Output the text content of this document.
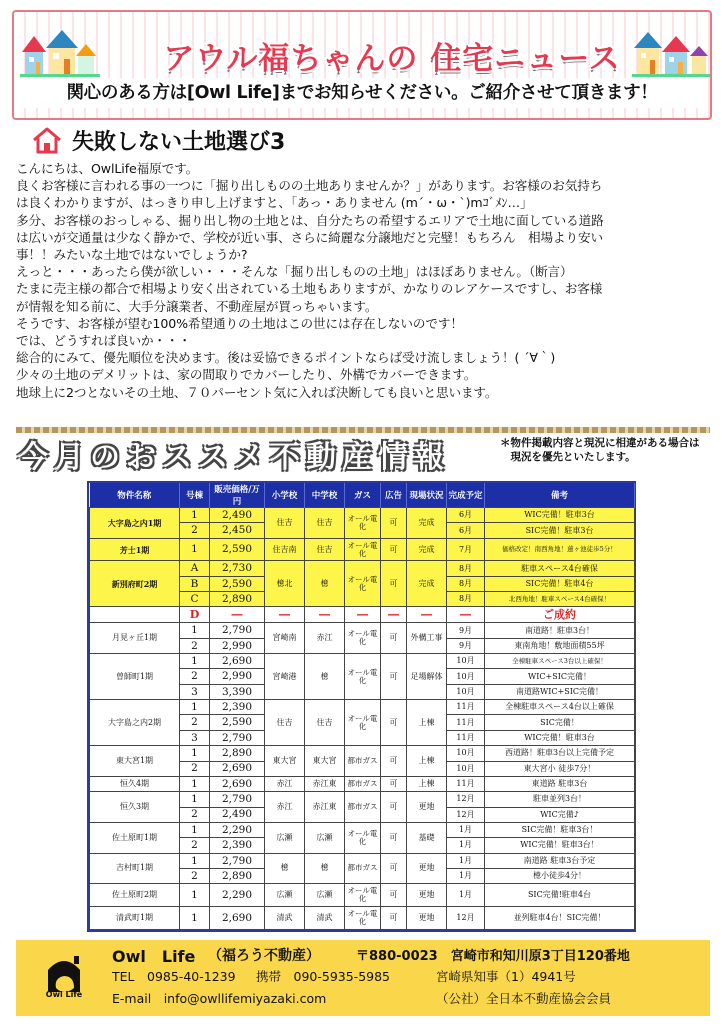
アウル福ちゃんの 住宅ニュース
関心のある方は[Owl Life]までお知らせください。ご紹介させて頂きます！
失敗しない土地選び3

こんにちは、OwlLife福原です。

良くお客様に言われる事の一つに「掘り出しものの土地ありませんか？」があります。お客様のお気持ち

は良くわかりますが、はっきり申し上げますと、「あっ・ありません (m´・ω・`)mｺﾞﾒﾝ…」

多分、お客様のおっしゃる、掘り出し物の土地とは、自分たちの希望するエリアで土地に面している道路

は広いが交通量は少なく静かで、学校が近い事、さらに綺麗な分譲地だと完璧！もちろん　相場より安い

事！！みたいな土地ではないでしょうか?

えっと・・・あったら僕が欲しい・・・そんな「掘り出しものの土地」はほぼありません。（断言）

たまに売主様の都合で相場より安く出されている土地もありますが、かなりのレアケースですし、お客様

が情報を知る前に、大手分譲業者、不動産屋が買っちゃいます。

そうです、お客様が望む100%希望通りの土地はこの世には存在しないのです！

では、どうすれば良いか・・・

総合的にみて、優先順位を決めます。後は妥協できるポイントならば受け流しましょう！( ´∀｀)

少々の土地のデメリットは、家の間取りでカバーしたり、外構でカバーできます。

地球上に2つとないその土地、７０パーセント気に入れば決断しても良いと思います。

今月のおススメ不動産情報	＊物件掲載内容と現況に相違がある場合は
　現況を優先といたします。
物件名称	号棟	販売価格/万円	小学校	中学校	ガス	広告	現場状況	完成予定	備考
大字島之内1期	1	2,490	住吉	住吉	オール電化	可	完成	6月	WIC完備！駐車3台
	2	2,450						6月	SIC完備！駐車3台
芳士1期	1	2,590	住吉南	住吉	オール電化	可	完成	7月	価格改定！南西角地！蓮ヶ池徒歩5分！
新別府町2期	A	2,730	檍北	檍	オール電化	可	完成	8月	駐車スペース4台確保
	B	2,590						8月	SIC完備！駐車4台
	C	2,890						8月	北西角地！駐車スペース4台確保！
	D	―	―	―	―	―	―	―	ご成約
月見ヶ丘1期	1	2,790	宮崎南	赤江	オール電化	可	外構工事	9月	南道路！駐車3台！
	2	2,990						9月	東南角地！敷地面積55坪
曽師町1期	1	2,690	宮崎港	檍	オール電化	可	足場解体	10月	全棟駐車スペース3台以上確保！
	2	2,990						10月	WIC+SIC完備！
	3	3,390						10月	南道路WIC+SIC完備！
大字島之内2期	1	2,390	住吉	住吉	オール電化	可	上棟	11月	全棟駐車スペース4台以上確保
	2	2,590						11月	SIC完備！
	3	2,790						11月	WIC完備！駐車3台
東大宮1期	1	2,890	東大宮	東大宮	都市ガス	可	上棟	10月	西道路！駐車3台以上完備予定
	2	2,690						10月	東大宮小 徒歩7分！
恒久4期	1	2,690	赤江	赤江東	都市ガス	可	上棟	11月	東道路 駐車3台
恒久3期	1	2,790	赤江	赤江東	都市ガス	可	更地	12月	駐車並列3台！
	2	2,490						12月	WIC完備♪
佐土原町1期	1	2,290	広瀬	広瀬	オール電化	可	基礎	1月	SIC完備！駐車3台！
	2	2,390						1月	WIC完備！駐車3台！
吉村町1期	1	2,790	檍	檍	都市ガス	可	更地	1月	南道路 駐車3台予定
	2	2,890						1月	檍小徒歩4分！
佐土原町2期	1	2,290	広瀬	広瀬	オール電化	可	更地	1月	SIC完備!駐車4台
清武町1期	1	2,690	清武	清武	オール電化	可	更地	12月	並列駐車4台！SIC完備！
Owl Life
Owl　Life （福ろう不動産）	〒880-0023　宮崎市和知川原3丁目120番地
TEL　0985-40-1239 携帯　090-5935-5985	宮崎県知事（1）4941号
E-mail　info@owllifemiyazaki.com	（公社）全日本不動産協会会員
